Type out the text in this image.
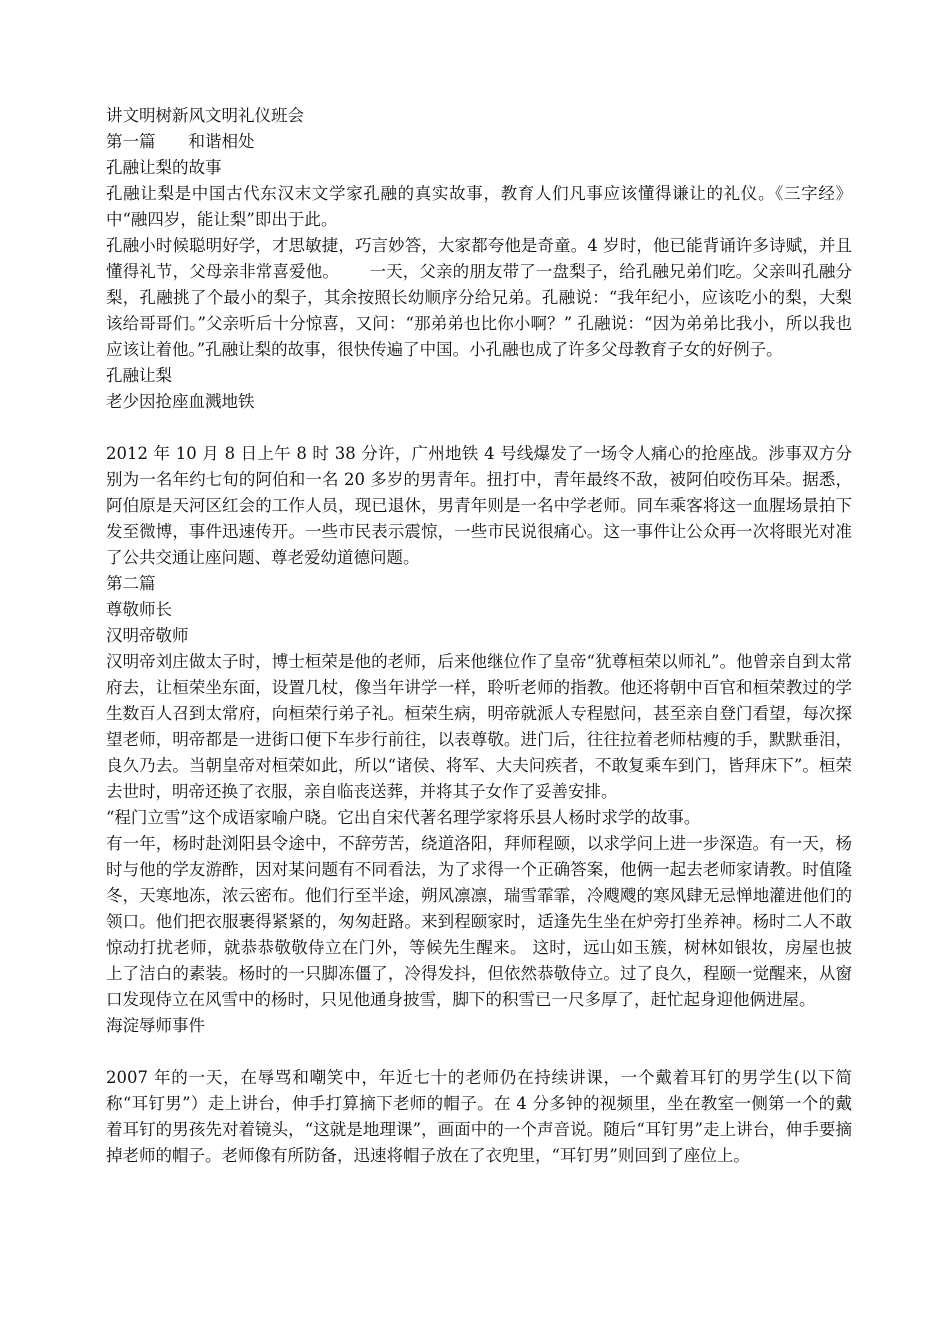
讲文明树新风文明礼仪班会

第一篇　　和谐相处

孔融让梨的故事

孔融让梨是中国古代东汉末文学家孔融的真实故事，教育人们凡事应该懂得谦让的礼仪。《三字经》中“融四岁，能让梨”即出于此。

孔融小时候聪明好学，才思敏捷，巧言妙答，大家都夸他是奇童。4 岁时，他已能背诵许多诗赋，并且懂得礼节，父母亲非常喜爱他。　　 一天，父亲的朋友带了一盘梨子，给孔融兄弟们吃。父亲叫孔融分梨，孔融挑了个最小的梨子，其余按照长幼顺序分给兄弟。孔融说：“我年纪小，应该吃小的梨，大梨该给哥哥们。”父亲听后十分惊喜，又问：“那弟弟也比你小啊？” 孔融说：“因为弟弟比我小，所以我也应该让着他。”孔融让梨的故事，很快传遍了中国。小孔融也成了许多父母教育子女的好例子。

孔融让梨

老少因抢座血溅地铁

2012 年 10 月 8 日上午 8 时 38 分许，广州地铁 4 号线爆发了一场令人痛心的抢座战。涉事双方分别为一名年约七旬的阿伯和一名 20 多岁的男青年。扭打中，青年最终不敌，被阿伯咬伤耳朵。据悉，阿伯原是天河区红会的工作人员，现已退休，男青年则是一名中学老师。同车乘客将这一血腥场景拍下发至微博，事件迅速传开。一些市民表示震惊，一些市民说很痛心。这一事件让公众再一次将眼光对准了公共交通让座问题、尊老爱幼道德问题。

第二篇

尊敬师长

汉明帝敬师

汉明帝刘庄做太子时，博士桓荣是他的老师，后来他继位作了皇帝“犹尊桓荣以师礼”。他曾亲自到太常府去，让桓荣坐东面，设置几杖，像当年讲学一样，聆听老师的指教。他还将朝中百官和桓荣教过的学生数百人召到太常府，向桓荣行弟子礼。桓荣生病，明帝就派人专程慰问，甚至亲自登门看望，每次探望老师，明帝都是一进街口便下车步行前往，以表尊敬。进门后，往往拉着老师枯瘦的手，默默垂泪，良久乃去。当朝皇帝对桓荣如此，所以“诸侯、将军、大夫问疾者，不敢复乘车到门，皆拜床下”。桓荣去世时，明帝还换了衣服，亲自临丧送葬，并将其子女作了妥善安排。

“程门立雪”这个成语家喻户晓。它出自宋代著名理学家将乐县人杨时求学的故事。

有一年，杨时赴浏阳县令途中，不辞劳苦，绕道洛阳，拜师程颐，以求学问上进一步深造。有一天，杨时与他的学友游酢，因对某问题有不同看法，为了求得一个正确答案，他俩一起去老师家请教。时值隆冬，天寒地冻，浓云密布。他们行至半途，朔风凛凛，瑞雪霏霏，冷飕飕的寒风肆无忌惮地灌进他们的领口。他们把衣服裹得紧紧的，匆匆赶路。来到程颐家时，适逢先生坐在炉旁打坐养神。杨时二人不敢惊动打扰老师，就恭恭敬敬侍立在门外，等候先生醒来。 这时，远山如玉簇，树林如银妆，房屋也披上了洁白的素装。杨时的一只脚冻僵了，冷得发抖，但依然恭敬侍立。过了良久，程颐一觉醒来，从窗口发现侍立在风雪中的杨时，只见他通身披雪，脚下的积雪已一尺多厚了，赶忙起身迎他俩进屋。

海淀辱师事件

2007 年的一天，在辱骂和嘲笑中，年近七十的老师仍在持续讲课，一个戴着耳钉的男学生(以下简称“耳钉男”）走上讲台，伸手打算摘下老师的帽子。在 4 分多钟的视频里，坐在教室一侧第一个的戴着耳钉的男孩先对着镜头，“这就是地理课”，画面中的一个声音说。随后“耳钉男”走上讲台，伸手要摘掉老师的帽子。老师像有所防备，迅速将帽子放在了衣兜里，“耳钉男”则回到了座位上。
